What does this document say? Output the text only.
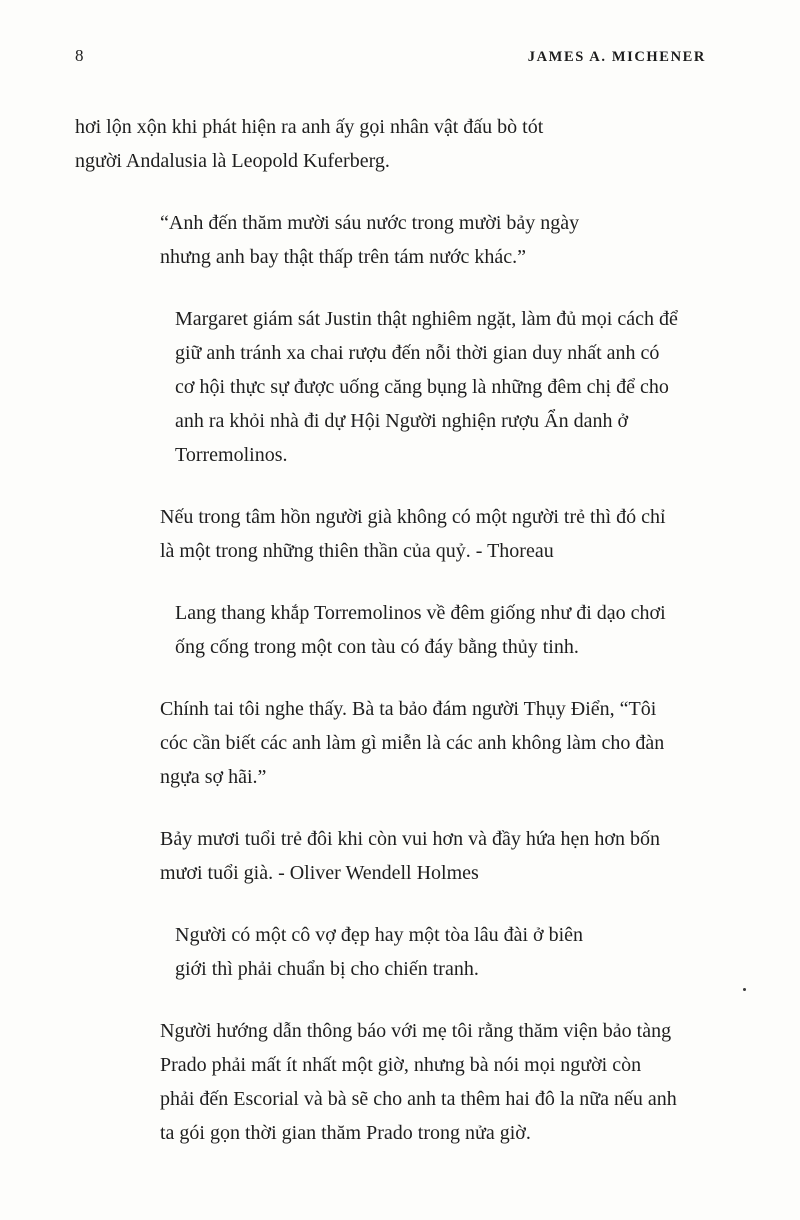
8	JAMES A. MICHENER
hơi lộn xộn khi phát hiện ra anh ấy gọi nhân vật đấu bò tót
người Andalusia là Leopold Kuferberg.
“Anh đến thăm mười sáu nước trong mười bảy ngày
nhưng anh bay thật thấp trên tám nước khác.”
Margaret giám sát Justin thật nghiêm ngặt, làm đủ mọi cách để
giữ anh tránh xa chai rượu đến nỗi thời gian duy nhất anh có
cơ hội thực sự được uống căng bụng là những đêm chị để cho
anh ra khỏi nhà đi dự Hội Người nghiện rượu Ẩn danh ở
Torremolinos.
Nếu trong tâm hồn người già không có một người trẻ thì đó chỉ
là một trong những thiên thần của quỷ. - Thoreau
Lang thang khắp Torremolinos về đêm giống như đi dạo chơi
ống cống trong một con tàu có đáy bằng thủy tinh.
Chính tai tôi nghe thấy. Bà ta bảo đám người Thụy Điển, “Tôi
cóc cần biết các anh làm gì miễn là các anh không làm cho đàn
ngựa sợ hãi.”
Bảy mươi tuổi trẻ đôi khi còn vui hơn và đầy hứa hẹn hơn bốn
mươi tuổi già. - Oliver Wendell Holmes
Người có một cô vợ đẹp hay một tòa lâu đài ở biên
giới thì phải chuẩn bị cho chiến tranh.
Người hướng dẫn thông báo với mẹ tôi rằng thăm viện bảo tàng
Prado phải mất ít nhất một giờ, nhưng bà nói mọi người còn
phải đến Escorial và bà sẽ cho anh ta thêm hai đô la nữa nếu anh
ta gói gọn thời gian thăm Prado trong nửa giờ.
